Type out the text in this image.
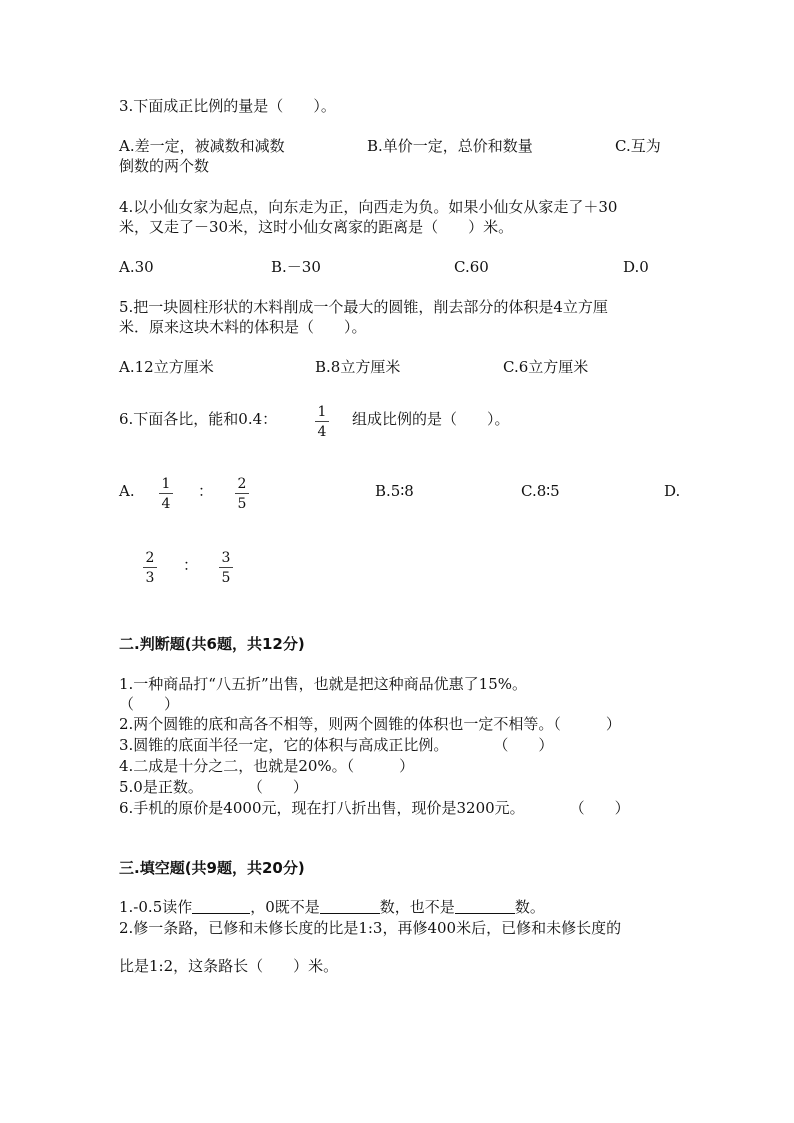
3.下面成正比例的量是（　　）。
A.差一定，被减数和减数	B.单价一定，总价和数量	C.互为
倒数的两个数
4.以小仙女家为起点，向东走为正，向西走为负。如果小仙女从家走了＋30
米，又走了－30米，这时小仙女离家的距离是（　　）米。
A.30	B.－30	C.60	D.0
5.把一块圆柱形状的木料削成一个最大的圆锥，削去部分的体积是4立方厘
米．原来这块木料的体积是（　　）。
A.12立方厘米	B.8立方厘米	C.6立方厘米
6.下面各比，能和0.4：	1
4
组成比例的是（　　）。
A. 1
4
： 2
5
B.5∶8	C.8∶5	D.
2
3
： 3
5
二.判断题(共6题，共12分)
1.一种商品打“八五折”出售，也就是把这种商品优惠了15%。
（　　）
2.两个圆锥的底和高各不相等，则两个圆锥的体积也一定不相等。（　　　）
3.圆锥的底面半径一定，它的体积与高成正比例。　　　　（　　）
4.二成是十分之二，也就是20%。（　　　）
5.0是正数。　　　　（　　）
6.手机的原价是4000元，现在打八折出售，现价是3200元。　　　　（　　）
三.填空题(共9题，共20分)
1.-0.5读作	，0既不是	数，也不是	数。
2.修一条路，已修和未修长度的比是1:3，再修400米后，已修和未修长度的
比是1:2，这条路长（　　）米。
